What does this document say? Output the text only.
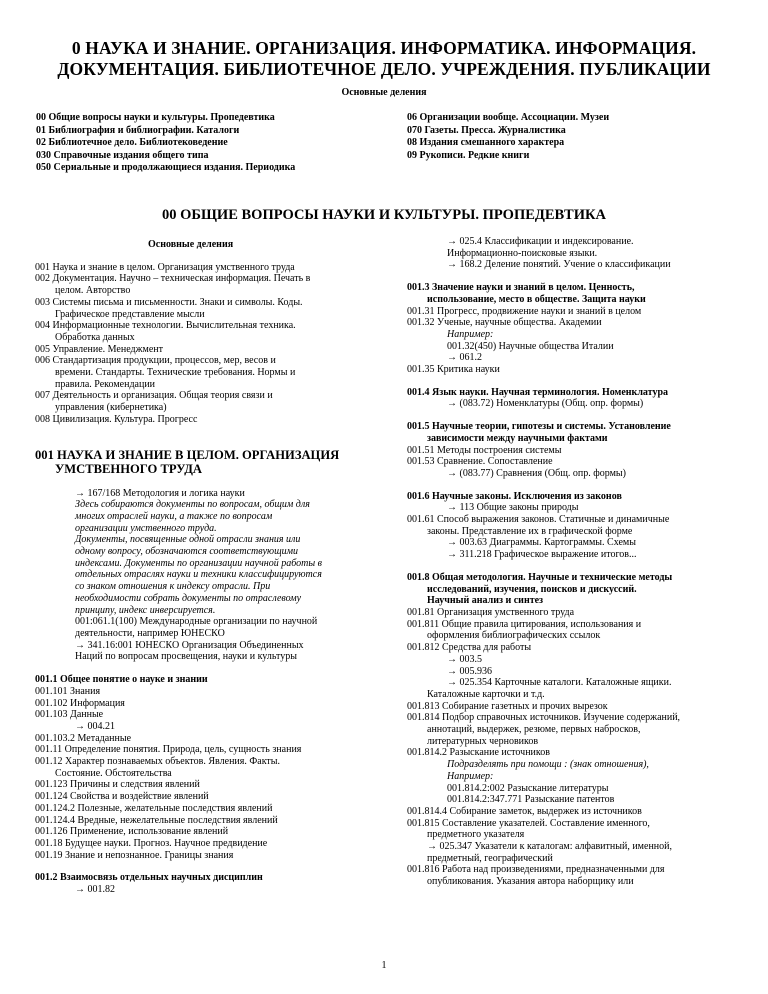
0 НАУКА И ЗНАНИЕ. ОРГАНИЗАЦИЯ. ИНФОРМАТИКА. ИНФОРМАЦИЯ.
ДОКУМЕНТАЦИЯ. БИБЛИОТЕЧНОЕ ДЕЛО. УЧРЕЖДЕНИЯ. ПУБЛИКАЦИИ
Основные деления
00 Общие вопросы науки и культуры. Пропедевтика
01 Библиография и библиографии. Каталоги
02 Библиотечное дело. Библиотековедение
030 Справочные издания общего типа
050 Сериальные и продолжающиеся издания. Периодика
06 Организации вообще. Ассоциации. Музеи
070 Газеты. Пресса. Журналистика
08 Издания смешанного характера
09 Рукописи. Редкие книги
00 ОБЩИЕ ВОПРОСЫ НАУКИ И КУЛЬТУРЫ. ПРОПЕДЕВТИКА
Основные деления
001 Наука и знание в целом. Организация умственного труда
002 Документация. Научно – техническая информация. Печать в
целом. Авторство
003 Системы письма и письменности. Знаки и символы. Коды.
Графическое представление мысли
004 Информационные технологии. Вычислительная техника.
Обработка данных
005 Управление. Менеджмент
006 Стандартизация продукции, процессов, мер, весов и
времени. Стандарты. Технические требования. Нормы и
правила. Рекомендации
007 Деятельность и организация. Общая теория связи и
управления (кибернетика)
008 Цивилизация. Культура. Прогресс
001 НАУКА И ЗНАНИЕ В ЦЕЛОМ. ОРГАНИЗАЦИЯ
УМСТВЕННОГО ТРУДА
→ 167/168 Методология и логика науки
Здесь собираются документы по вопросам, общим для
многих отраслей науки, а также по вопросам
организации умственного труда.
Документы, посвященные одной отрасли знания или
одному вопросу, обозначаются соответствующими
индексами. Документы по организации научной работы в
отдельных отраслях науки и техники классифицируются
со знаком отношения к индексу отрасли. При
необходимости собрать документы по отраслевому
принципу, индекс инверсируется.
001:061.1(100) Международные организации по научной
деятельности, например ЮНЕСКО
→ 341.16:001 ЮНЕСКО Организация Объединенных
Наций по вопросам просвещения, науки и культуры
001.1 Общее понятие о науке и знании
001.101 Знания
001.102 Информация
001.103 Данные
→ 004.21
001.103.2 Метаданные
001.11 Определение понятия. Природа, цель, сущность знания
001.12 Характер познаваемых объектов. Явления. Факты.
Состояние. Обстоятельства
001.123 Причины и следствия явлений
001.124 Свойства и воздействие явлений
001.124.2 Полезные, желательные последствия явлений
001.124.4 Вредные, нежелательные последствия явлений
001.126 Применение, использование явлений
001.18 Будущее науки. Прогноз. Научное предвидение
001.19 Знание и непознанное. Границы знания
001.2 Взаимосвязь отдельных научных дисциплин
→ 001.82
→ 025.4 Классификации и индексирование.
Информационно-поисковые языки.
→ 168.2 Деление понятий. Учение о классификации
001.3 Значение науки и знаний в целом. Ценность,
использование, место в обществе. Защита науки
001.31 Прогресс, продвижение науки и знаний в целом
001.32 Ученые, научные общества. Академии
Например:
001.32(450) Научные общества Италии
→ 061.2
001.35 Критика науки
001.4 Язык науки. Научная терминология. Номенклатура
→ (083.72) Номенклатуры (Общ. опр. формы)
001.5 Научные теории, гипотезы и системы. Установление
зависимости между научными фактами
001.51 Методы построения системы
001.53 Сравнение. Сопоставление
→ (083.77) Сравнения (Общ. опр. формы)
001.6 Научные законы. Исключения из законов
→ 113 Общие законы природы
001.61 Способ выражения законов. Статичные и динамичные
законы. Представление их в графической форме
→ 003.63 Диаграммы. Картограммы. Схемы
→ 311.218 Графическое выражение итогов...
001.8 Общая методология. Научные и технические методы
исследований, изучения, поисков и дискуссий.
Научный анализ и синтез
001.81 Организация умственного труда
001.811 Общие правила цитирования, использования и
оформления библиографических ссылок
001.812 Средства для работы
→ 003.5
→ 005.936
→ 025.354 Карточные каталоги. Каталожные ящики.
Каталожные карточки и т.д.
001.813 Собирание газетных и прочих вырезок
001.814 Подбор справочных источников. Изучение содержаний,
аннотаций, выдержек, резюме, первых набросков,
литературных черновиков
001.814.2 Разыскание источников
Подразделять при помощи : (знак отношения),
Например:
001.814.2:002 Разыскание литературы
001.814.2:347.771 Разыскание патентов
001.814.4 Собирание заметок, выдержек из источников
001.815 Составление указателей. Составление именного,
предметного указателя
→ 025.347 Указатели к каталогам: алфавитный, именной,
предметный, географический
001.816 Работа над произведениями, предназначенными для
опубликования. Указания автора наборщику или
1
